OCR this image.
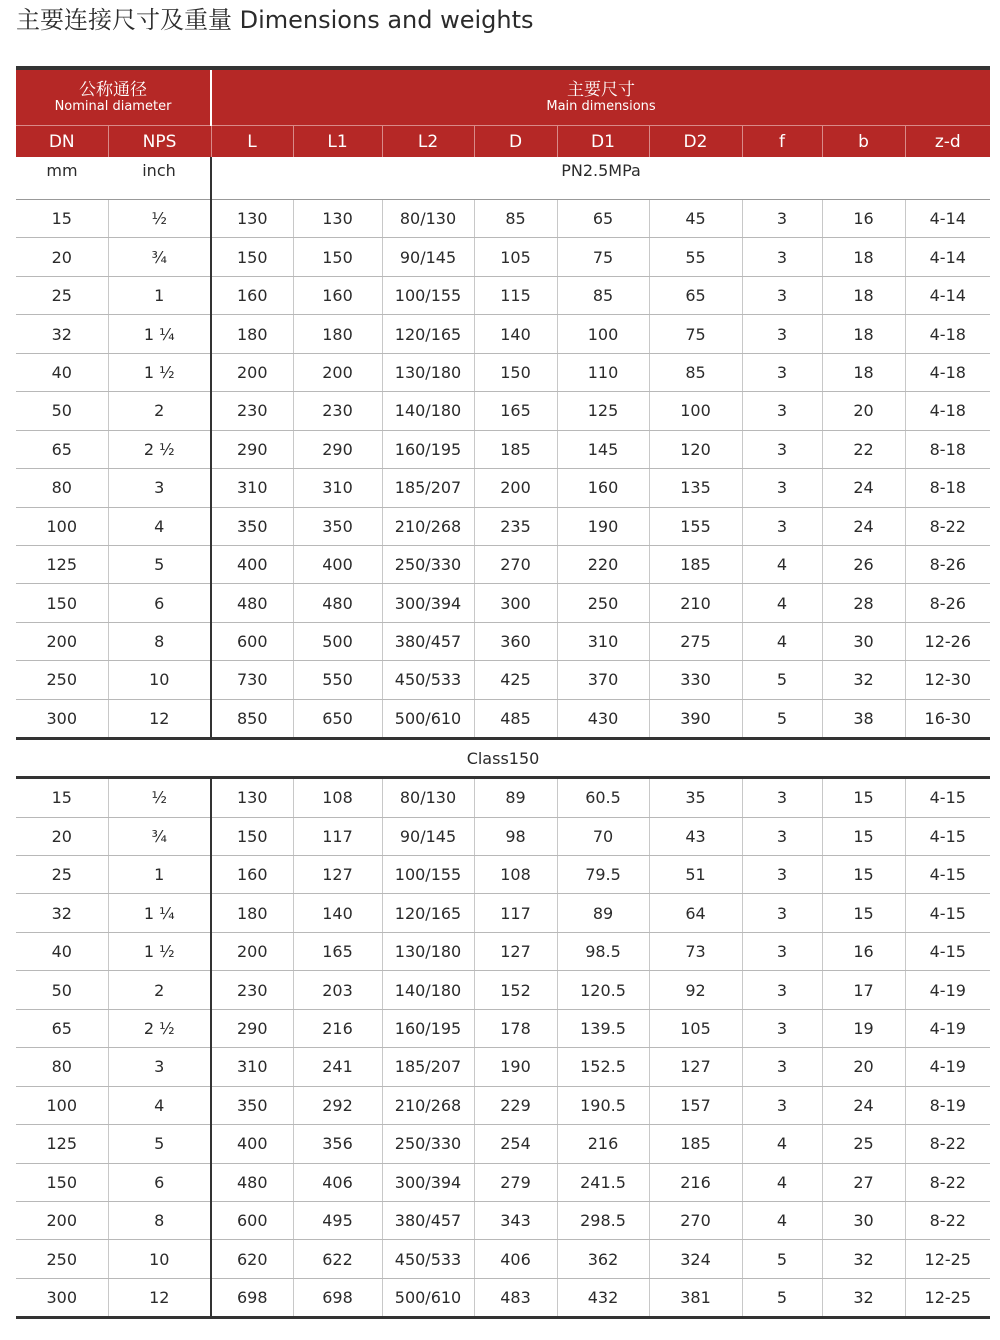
主要连接尺寸及重量 Dimensions and weights
公称通径
Nominal diameter		主要尺寸
Main dimensions								

DN	NPS	L	L1	L2	D	D1	D2	f	b	z-d
mm	inch	PN2.5MPa								
15	½	130	130	80/130	85	65	45	3	16	4-14
20	¾	150	150	90/145	105	75	55	3	18	4-14
25	1	160	160	100/155	115	85	65	3	18	4-14
32	1 ¼	180	180	120/165	140	100	75	3	18	4-18
40	1 ½	200	200	130/180	150	110	85	3	18	4-18
50	2	230	230	140/180	165	125	100	3	20	4-18
65	2 ½	290	290	160/195	185	145	120	3	22	8-18
80	3	310	310	185/207	200	160	135	3	24	8-18
100	4	350	350	210/268	235	190	155	3	24	8-22
125	5	400	400	250/330	270	220	185	4	26	8-26
150	6	480	480	300/394	300	250	210	4	28	8-26
200	8	600	500	380/457	360	310	275	4	30	12-26
250	10	730	550	450/533	425	370	330	5	32	12-30
300	12	850	650	500/610	485	430	390	5	38	16-30
Class150										
15	½	130	108	80/130	89	60.5	35	3	15	4-15
20	¾	150	117	90/145	98	70	43	3	15	4-15
25	1	160	127	100/155	108	79.5	51	3	15	4-15
32	1 ¼	180	140	120/165	117	89	64	3	15	4-15
40	1 ½	200	165	130/180	127	98.5	73	3	16	4-15
50	2	230	203	140/180	152	120.5	92	3	17	4-19
65	2 ½	290	216	160/195	178	139.5	105	3	19	4-19
80	3	310	241	185/207	190	152.5	127	3	20	4-19
100	4	350	292	210/268	229	190.5	157	3	24	8-19
125	5	400	356	250/330	254	216	185	4	25	8-22
150	6	480	406	300/394	279	241.5	216	4	27	8-22
200	8	600	495	380/457	343	298.5	270	4	30	8-22
250	10	620	622	450/533	406	362	324	5	32	12-25
300	12	698	698	500/610	483	432	381	5	32	12-25
